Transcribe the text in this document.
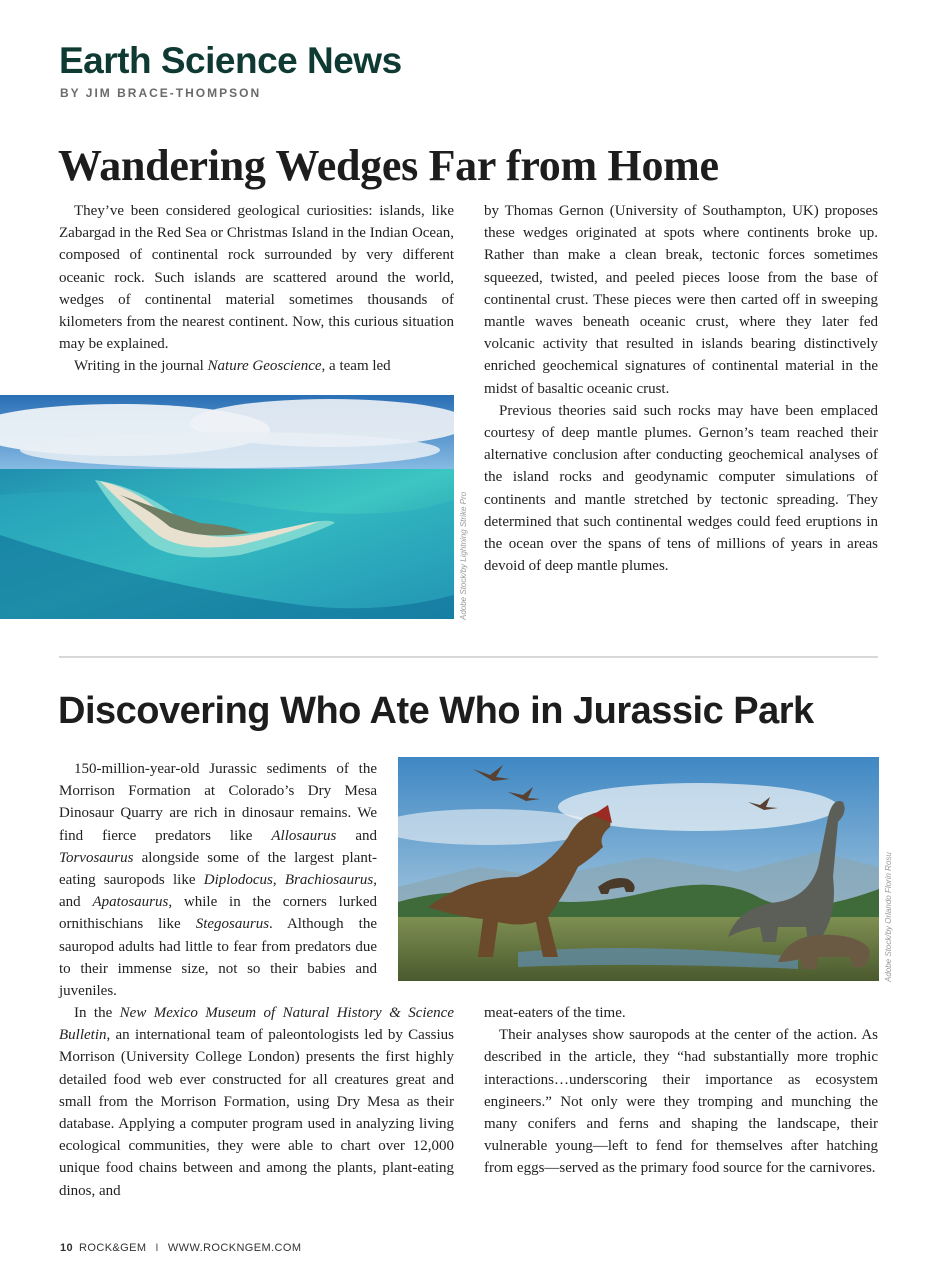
Earth Science News
BY JIM BRACE-THOMPSON
Wandering Wedges Far from Home

They’ve been considered geological curiosities: islands, like Zabargad in the Red Sea or Christmas Island in the Indian Ocean, composed of continental rock surrounded by very different oceanic rock. Such islands are scattered around the world, wedges of continental material sometimes thousands of kilometers from the nearest continent. Now, this curious situation may be explained.

Writing in the journal Nature Geoscience, a team led

Adobe Stock/by Lightning Strike Pro

by Thomas Gernon (University of Southampton, UK) proposes these wedges originated at spots where continents broke up. Rather than make a clean break, tectonic forces sometimes squeezed, twisted, and peeled pieces loose from the base of continental crust. These pieces were then carted off in sweeping mantle waves beneath oceanic crust, where they later fed volcanic activity that resulted in islands bearing distinctively enriched geochemical signatures of continental material in the midst of basaltic oceanic crust.

Previous theories said such rocks may have been emplaced courtesy of deep mantle plumes. Gernon’s team reached their alternative conclusion after conducting geochemical analyses of the island rocks and geodynamic computer simulations of continents and mantle stretched by tectonic spreading. They determined that such continental wedges could feed eruptions in the ocean over the spans of tens of millions of years in areas devoid of deep mantle plumes.

Discovering Who Ate Who in Jurassic Park

150-million-year-old Jurassic sediments of the Morrison Formation at Colorado’s Dry Mesa Dinosaur Quarry are rich in dinosaur remains. We find fierce predators like Allosaurus and Torvosaurus alongside some of the largest plant-eating sauropods like Diplodocus, Brachiosaurus, and Apatosaurus, while in the corners lurked ornithischians like Stegosaurus. Although the sauropod adults had little to fear from predators due to their immense size, not so their babies and juveniles.

Adobe Stock/by Orlando Florin Rosu

In the New Mexico Museum of Natural History & Science Bulletin, an international team of paleontologists led by Cassius Morrison (University College London) presents the first highly detailed food web ever constructed for all creatures great and small from the Morrison Formation, using Dry Mesa as their database. Applying a computer program used in analyzing living ecological communities, they were able to chart over 12,000 unique food chains between and among the plants, plant-eating dinos, and

meat-eaters of the time.

Their analyses show sauropods at the center of the action. As described in the article, they “had substantially more trophic interactions…underscoring their importance as ecosystem engineers.” Not only were they tromping and munching the many conifers and ferns and shaping the landscape, their vulnerable young—left to fend for themselves after hatching from eggs—served as the primary food source for the carnivores.

10 ROCK&GEM I WWW.ROCKNGEM.COM
